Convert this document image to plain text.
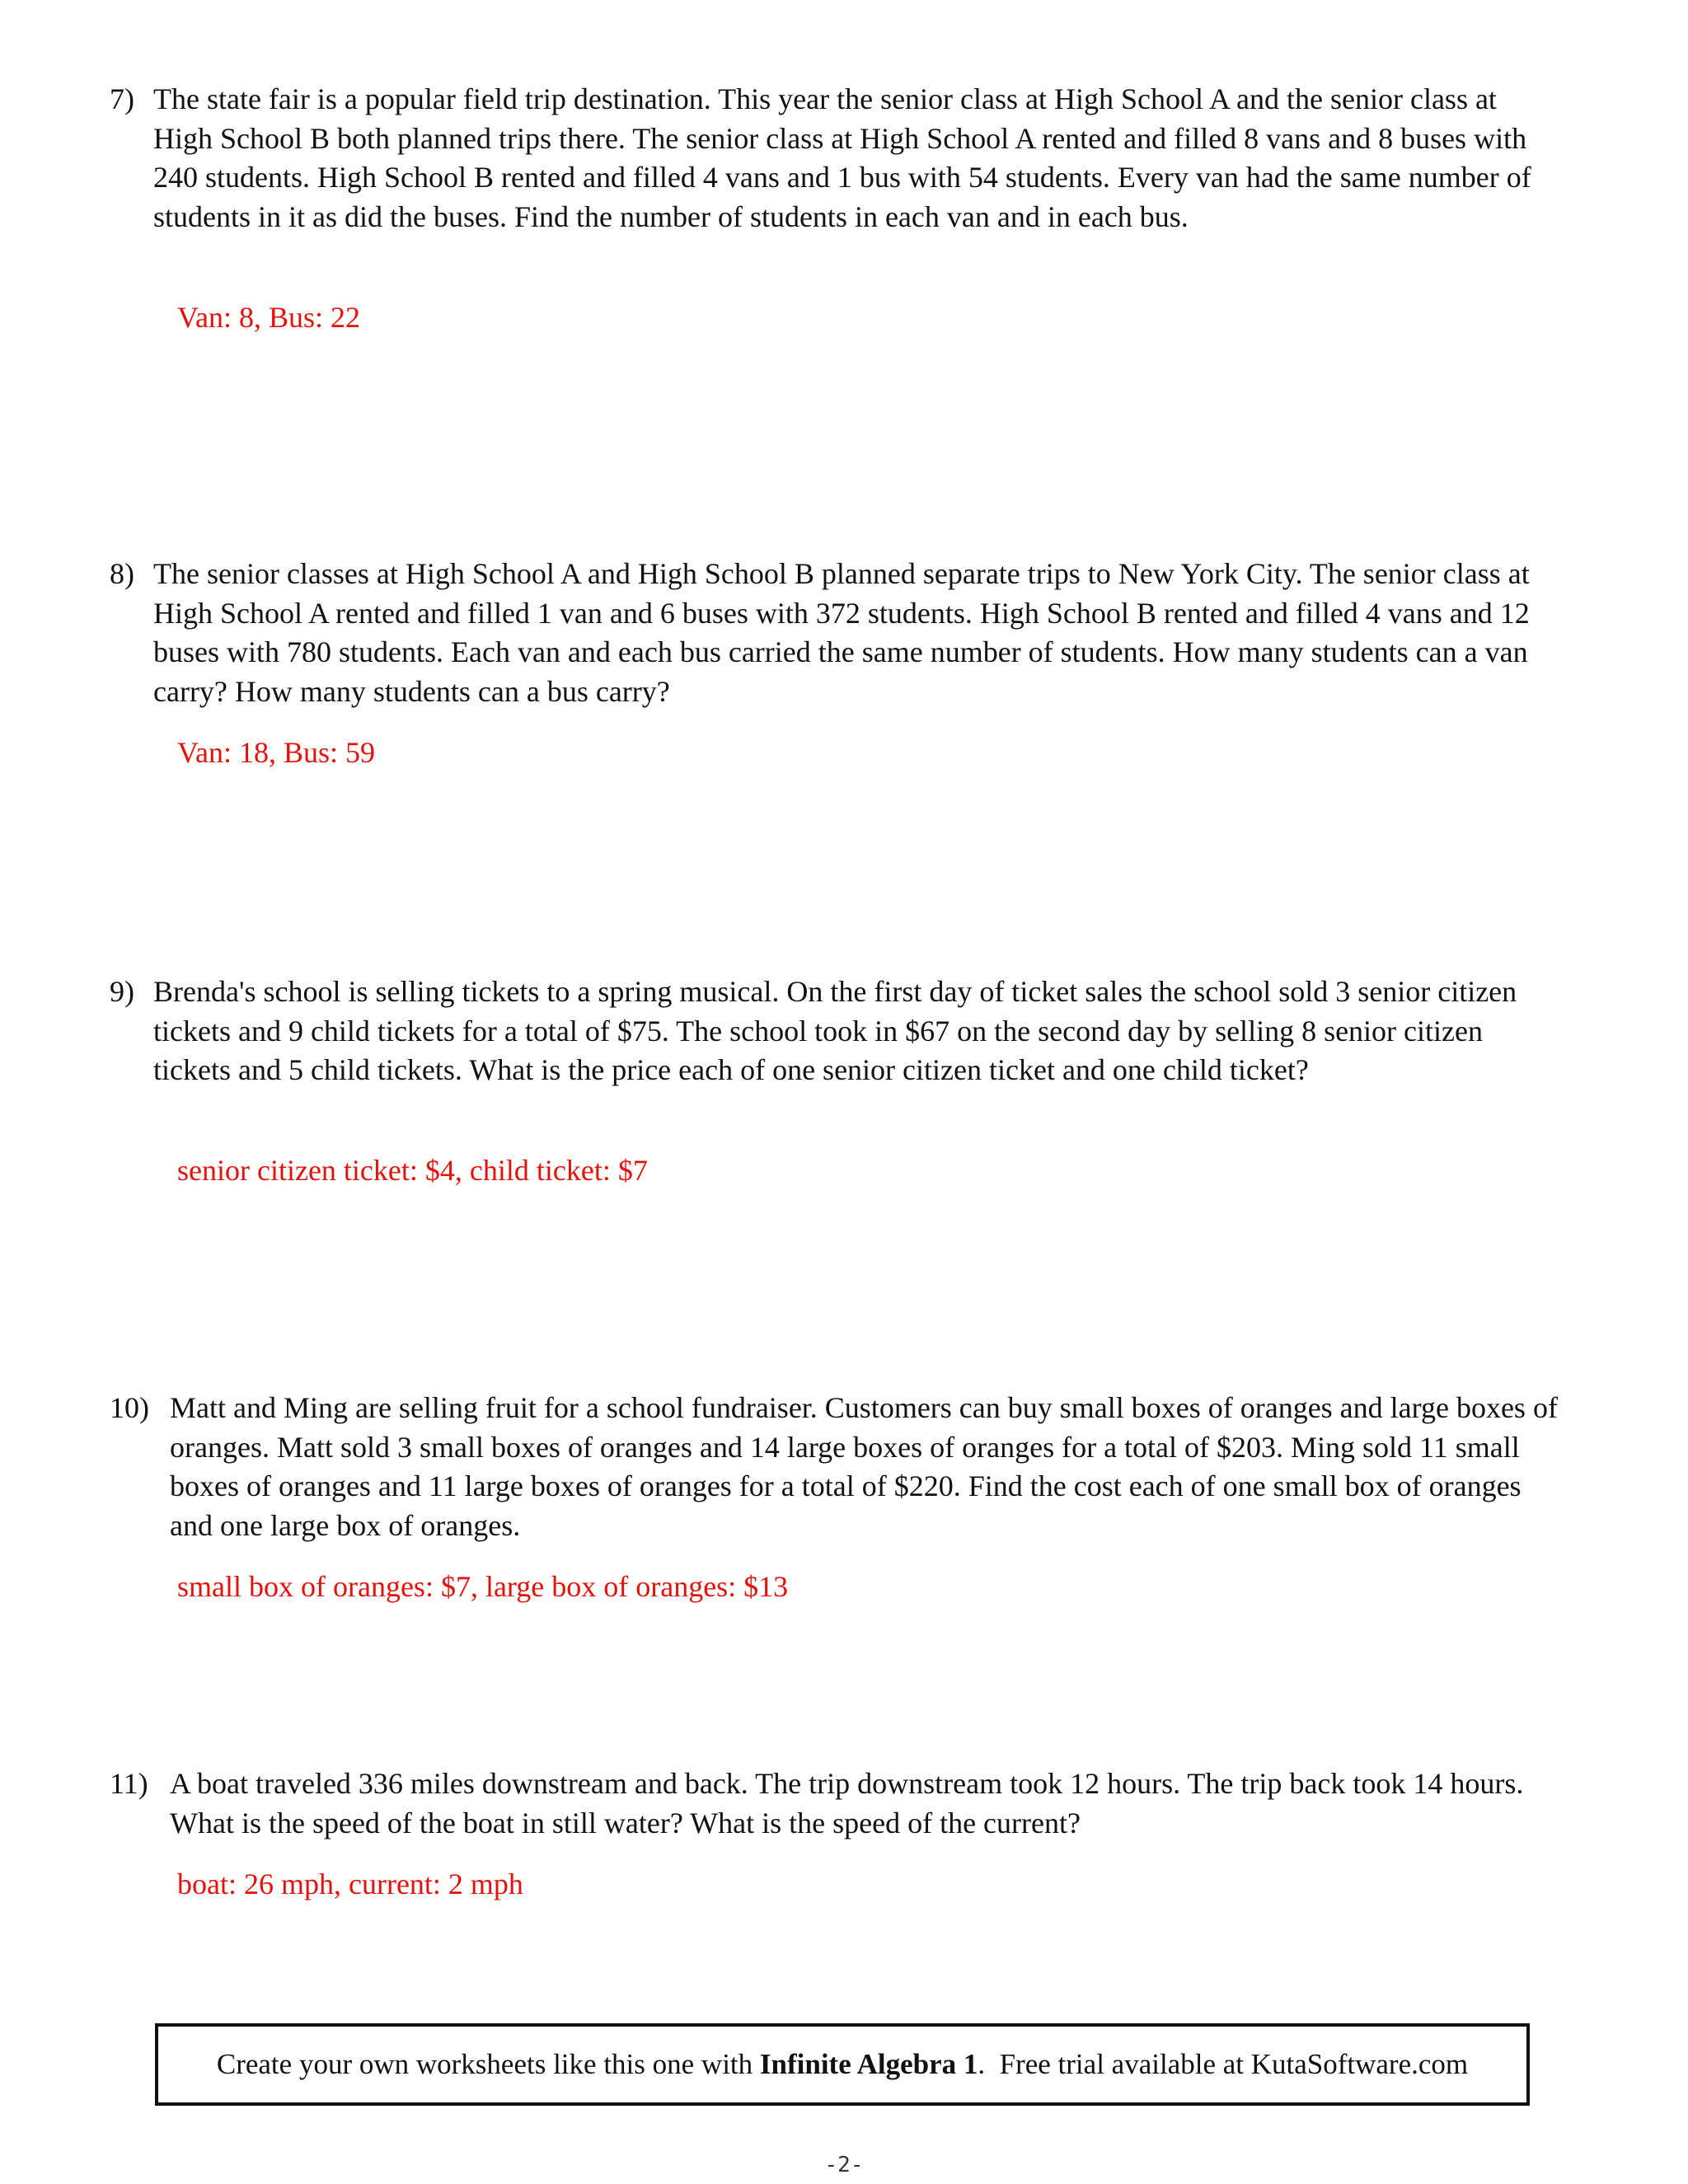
7) The state fair is a popular field trip destination. This year the senior class at High School A and the senior class at High School B both planned trips there. The senior class at High School A rented and filled 8 vans and 8 buses with 240 students. High School B rented and filled 4 vans and 1 bus with 54 students. Every van had the same number of students in it as did the buses. Find the number of students in each van and in each bus.

Van: 8, Bus: 22
8) The senior classes at High School A and High School B planned separate trips to New York City. The senior class at High School A rented and filled 1 van and 6 buses with 372 students. High School B rented and filled 4 vans and 12 buses with 780 students. Each van and each bus carried the same number of students. How many students can a van carry? How many students can a bus carry?

Van: 18, Bus: 59
9) Brenda's school is selling tickets to a spring musical. On the first day of ticket sales the school sold 3 senior citizen tickets and 9 child tickets for a total of $75. The school took in $67 on the second day by selling 8 senior citizen tickets and 5 child tickets. What is the price each of one senior citizen ticket and one child ticket?

senior citizen ticket: $4, child ticket: $7
10) Matt and Ming are selling fruit for a school fundraiser. Customers can buy small boxes of oranges and large boxes of oranges. Matt sold 3 small boxes of oranges and 14 large boxes of oranges for a total of $203. Ming sold 11 small boxes of oranges and 11 large boxes of oranges for a total of $220. Find the cost each of one small box of oranges and one large box of oranges.

small box of oranges: $7, large box of oranges: $13
11) A boat traveled 336 miles downstream and back. The trip downstream took 12 hours. The trip back took 14 hours. What is the speed of the boat in still water? What is the speed of the current?

boat: 26 mph, current: 2 mph
Create your own worksheets like this one with Infinite Algebra 1 .  Free trial available at KutaSoftware.com
-2-
